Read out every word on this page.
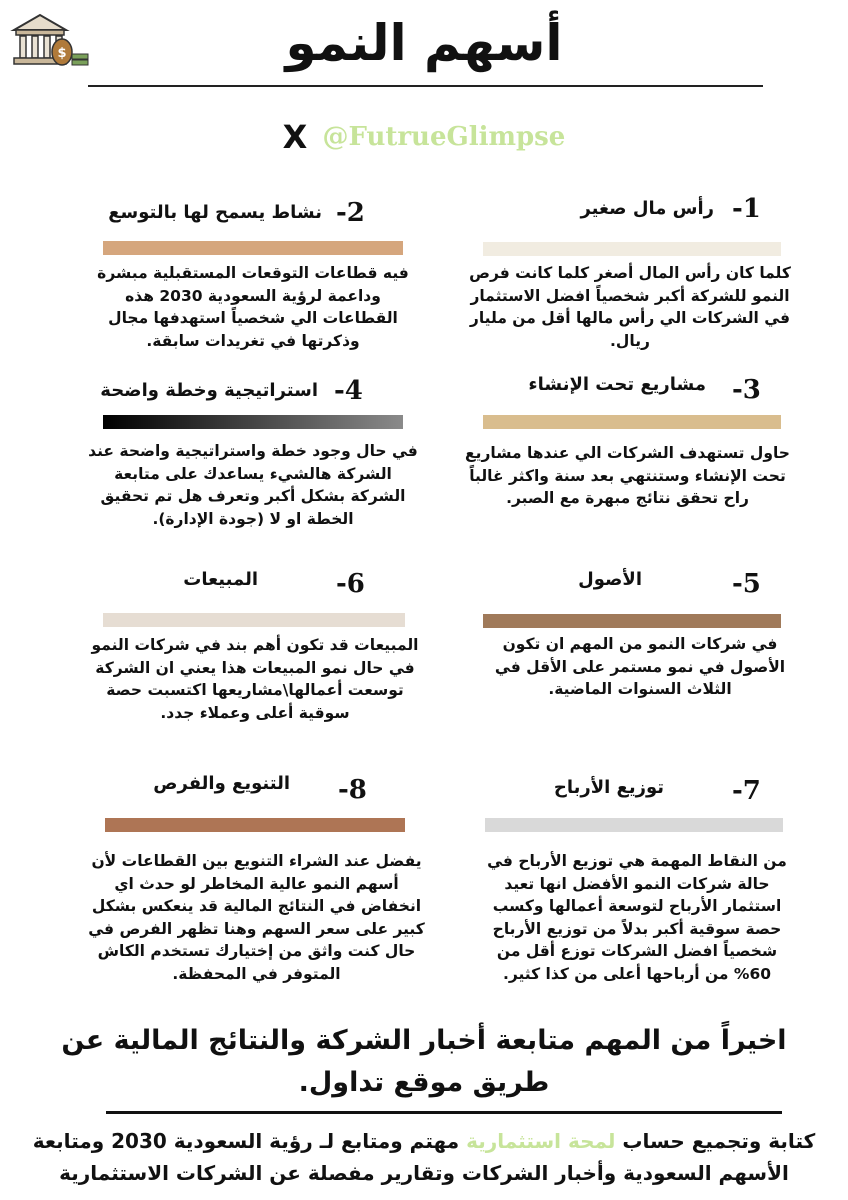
أسهم النمو
$
X @FutrueGlimpse
-1
رأس مال صغير
كلما كان رأس المال أصغر كلما كانت فرص النمو للشركة أكبر شخصياً افضل الاستثمار في الشركات الي رأس مالها أقل من مليار ريال.
-2
نشاط يسمح لها بالتوسع
فيه قطاعات التوقعات المستقبلية مبشرة وداعمة لرؤية السعودية 2030 هذه القطاعات الي شخصياً استهدفها مجال وذكرتها في تغريدات سابقة.
-3
مشاريع تحت الإنشاء
حاول تستهدف الشركات الي عندها مشاريع تحت الإنشاء وستنتهي بعد سنة واكثر غالباً راح تحقق نتائج مبهرة مع الصبر.
-4
استراتيجية وخطة واضحة
في حال وجود خطة واستراتيجية واضحة عند الشركة هالشيء يساعدك على متابعة الشركة بشكل أكبر وتعرف هل تم تحقيق الخطة او لا (جودة الإدارة).
-5
الأصول
في شركات النمو من المهم ان تكون الأصول في نمو مستمر على الأقل في الثلاث السنوات الماضية.
-6
المبيعات
المبيعات قد تكون أهم بند في شركات النمو في حال نمو المبيعات هذا يعني ان الشركة توسعت أعمالها\مشاريعها اكتسبت حصة سوقية أعلى وعملاء جدد.
-7
توزيع الأرباح
من النقاط المهمة هي توزيع الأرباح في حالة شركات النمو الأفضل انها تعيد استثمار الأرباح لتوسعة أعمالها وكسب حصة سوقية أكبر بدلاً من توزيع الأرباح شخصياً افضل الشركات توزع أقل من 60% من أرباحها أعلى من كذا كثير.
-8
التنويع والفرص
يفضل عند الشراء التنويع بين القطاعات لأن أسهم النمو عالية المخاطر لو حدث اي انخفاض في النتائج المالية قد ينعكس بشكل كبير على سعر السهم وهنا تظهر الفرص في حال كنت واثق من إختيارك تستخدم الكاش المتوفر في المحفظة.
اخيراً من المهم متابعة أخبار الشركة والنتائج المالية عن طريق موقع تداول.
كتابة وتجميع حساب لمحة استثمارية مهتم ومتابع لـ رؤية السعودية 2030 ومتابعة الأسهم السعودية وأخبار الشركات وتقارير مفصلة عن الشركات الاستثمارية
